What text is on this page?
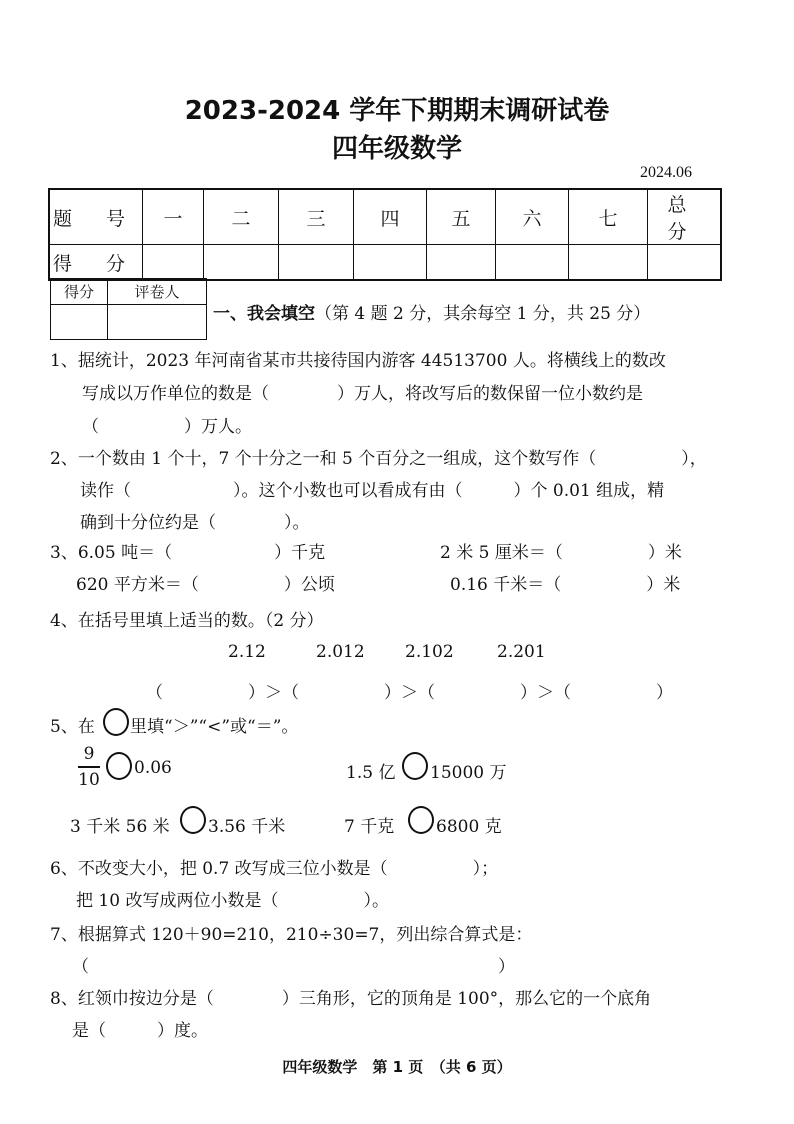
2023-2024 学年下期期末调研试卷
四年级数学
2024.06
题 号	一	二	三	四	五	六	七	总 分
得 分								
得分	评卷人

一、我会填空（第 4 题 2 分，其余每空 1 分，共 25 分）
1、据统计，2023 年河南省某市共接待国内游客 44513700 人。将横线上的数改
写成以万作单位的数是（　　　　）万人，将改写后的数保留一位小数约是
（　　　　　）万人。
2、一个数由 1 个十，7 个十分之一和 5 个百分之一组成，这个数写作（　　　　　），
读作（　　　　　　）。这个小数也可以看成有由（　　　）个 0.01 组成，精
确到十分位约是（　　　　）。
3、6.05 吨＝（　　　　　　）千克	2 米 5 厘米＝（　　　　　）米
620 平方米＝（　　　　　）公顷	0.16 千米＝（　　　　　）米
4、在括号里填上适当的数。（2 分）
2.12	2.012 2.102	2.201
（　　　　　）＞（　　　　　）＞（　　　　　）＞（　　　　　）
5、在 里填“＞”“<”或“＝”。
9
10
0.06	1.5 亿 15000 万
3 千米 56 米 3.56 千米	7 千克 6800 克
6、不改变大小，把 0.7 改写成三位小数是（　　　　　）；
把 10 改写成两位小数是（　　　　　）。
7、根据算式 120＋90=210，210÷30=7，列出综合算式是：
（	）
8、红领巾按边分是（　　　　）三角形，它的顶角是 100°，那么它的一个底角
是（　　　）度。
四年级数学　第 1 页　（共 6 页）
